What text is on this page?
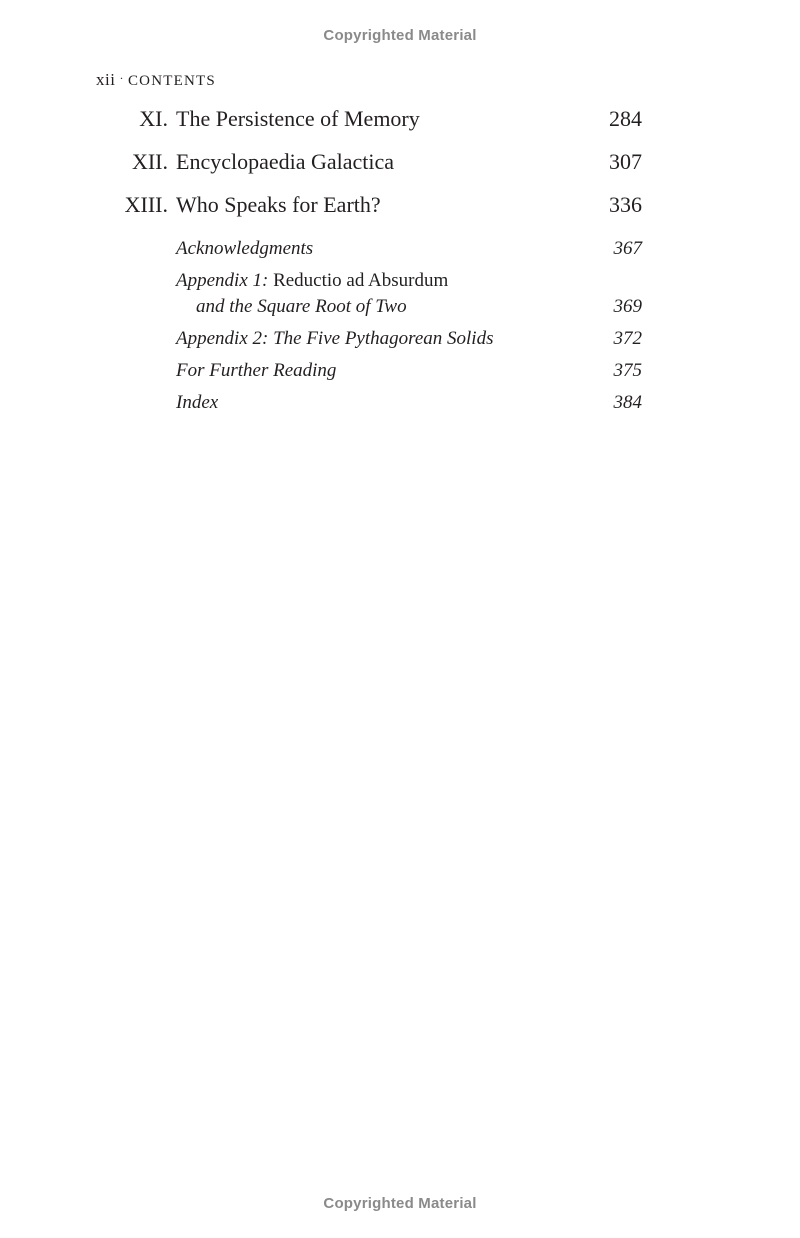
Copyrighted Material
xii · CONTENTS
XI. The Persistence of Memory	284
XII. Encyclopaedia Galactica	307
XIII. Who Speaks for Earth?	336
Acknowledgments	367
Appendix 1: Reductio ad Absurdum
and the Square Root of Two	369
Appendix 2: The Five Pythagorean Solids	372
For Further Reading	375
Index	384
Copyrighted Material
